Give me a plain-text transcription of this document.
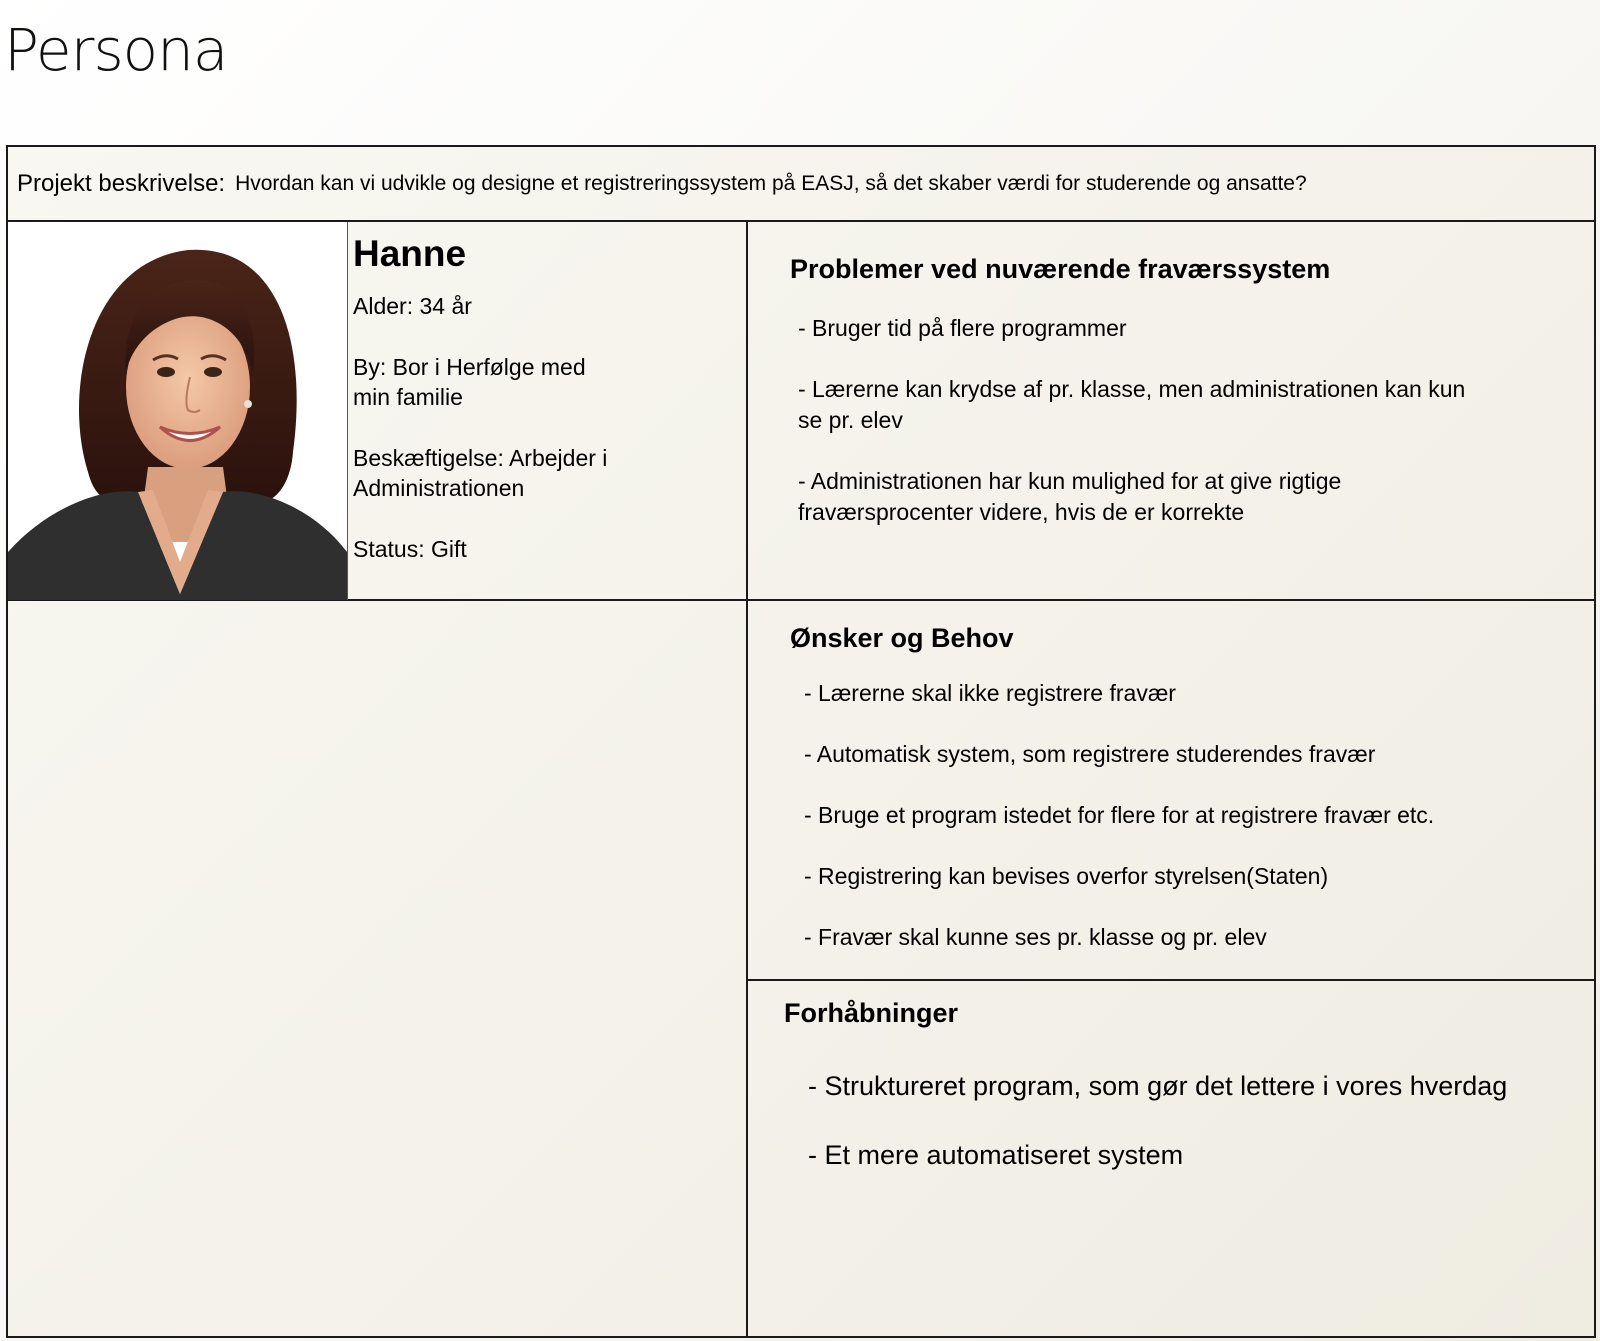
Persona
Projekt beskrivelse: Hvordan kan vi udvikle og designe et registreringssystem på EASJ, så det skaber værdi for studerende og ansatte?
Hanne

Alder: 34 år

By: Bor i Herfølge med
min familie

Beskæftigelse: Arbejder i
Administrationen

Status: Gift

Problemer ved nuværende fraværssystem
- Bruger tid på flere programmer
- Lærerne kan krydse af pr. klasse, men administrationen kan kun
se pr. elev
- Administrationen har kun mulighed for at give rigtige
fraværsprocenter videre, hvis de er korrekte
Ønsker og Behov
- Lærerne skal ikke registrere fravær
- Automatisk system, som registrere studerendes fravær
- Bruge et program istedet for flere for at registrere fravær etc.
- Registrering kan bevises overfor styrelsen(Staten)
- Fravær skal kunne ses pr. klasse og pr. elev
Forhåbninger
- Struktureret program, som gør det lettere i vores hverdag
- Et mere automatiseret system
